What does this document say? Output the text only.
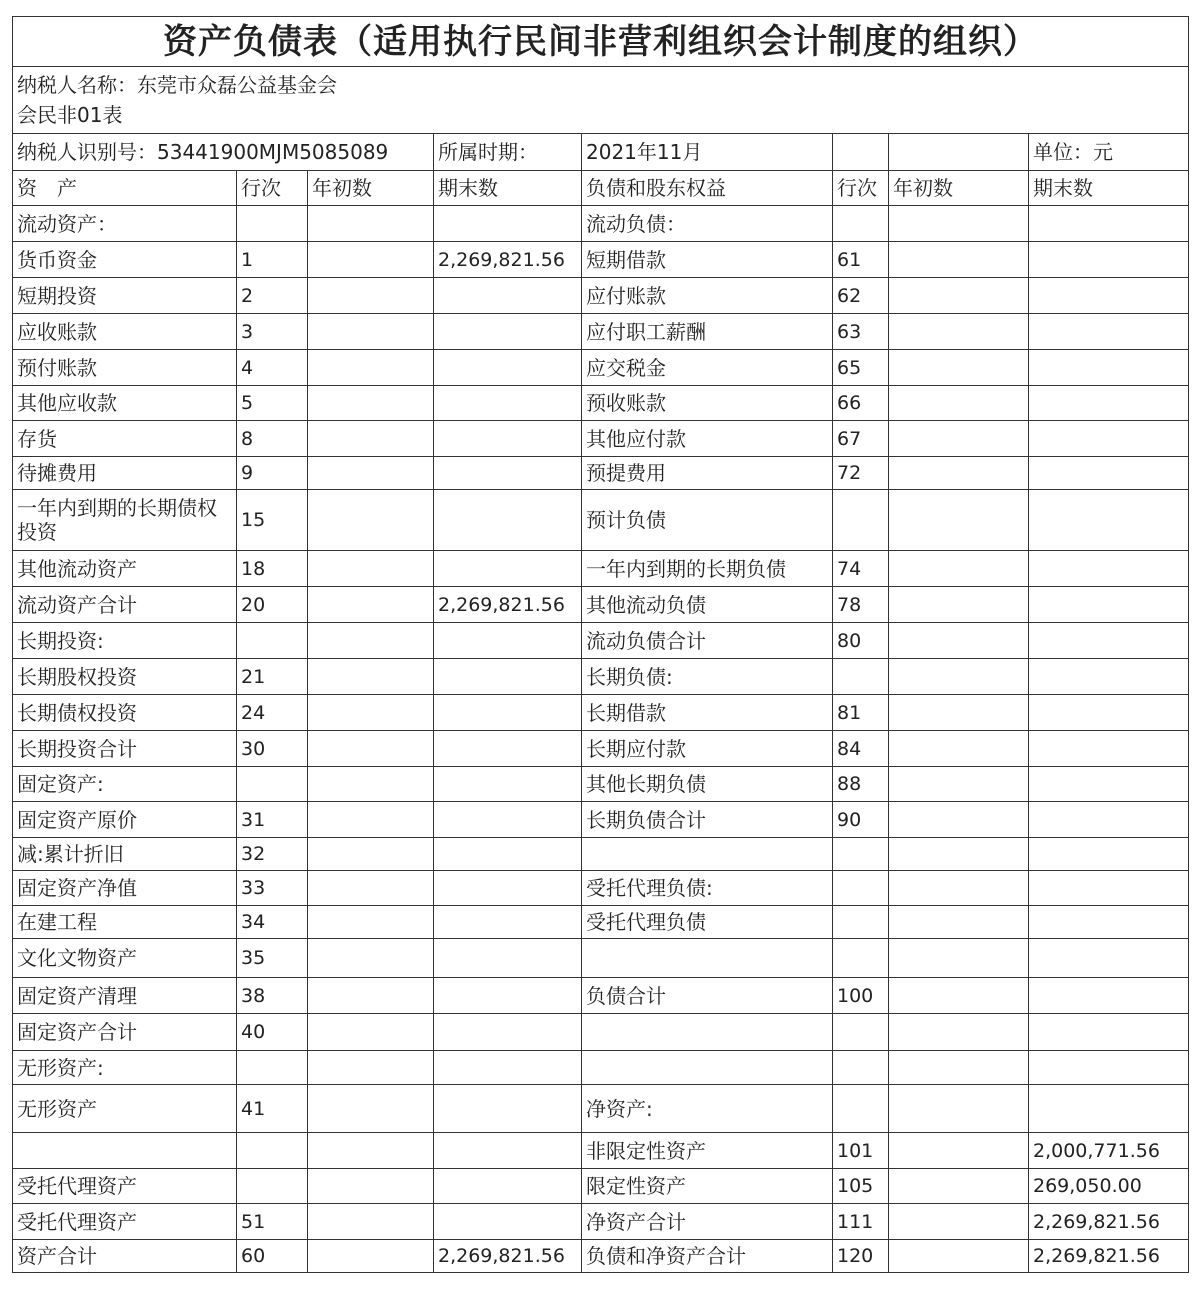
资产负债表（适用执行民间非营利组织会计制度的组织）							

纳税人名称：东莞市众磊公益基金会
会民非01表							

纳税人识别号：53441900MJM5085089			所属时期：	2021年11月			单位：元
资　产	行次	年初数	期末数	负债和股东权益	行次	年初数	期末数
流动资产：				流动负债：			
货币资金	1		2,269,821.56	短期借款	61		
短期投资	2			应付账款	62		
应收账款	3			应付职工薪酬	63		
预付账款	4			应交税金	65		
其他应收款	5			预收账款	66		
存货	8			其他应付款	67		
待摊费用	9			预提费用	72		
一年内到期的长期债权投资	15			预计负债			
其他流动资产	18			一年内到期的长期负债	74		
流动资产合计	20		2,269,821.56	其他流动负债	78		
长期投资:				流动负债合计	80		
长期股权投资	21			长期负债:			
长期债权投资	24			长期借款	81		
长期投资合计	30			长期应付款	84		
固定资产:				其他长期负债	88		
固定资产原价	31			长期负债合计	90		
减:累计折旧	32						
固定资产净值	33			受托代理负债:			
在建工程	34			受托代理负债			
文化文物资产	35						
固定资产清理	38			负债合计	100		
固定资产合计	40						
无形资产:							
无形资产	41			净资产:			
				非限定性资产	101		2,000,771.56
受托代理资产				限定性资产	105		269,050.00
受托代理资产	51			净资产合计	111		2,269,821.56
资产合计	60		2,269,821.56	负债和净资产合计	120		2,269,821.56
